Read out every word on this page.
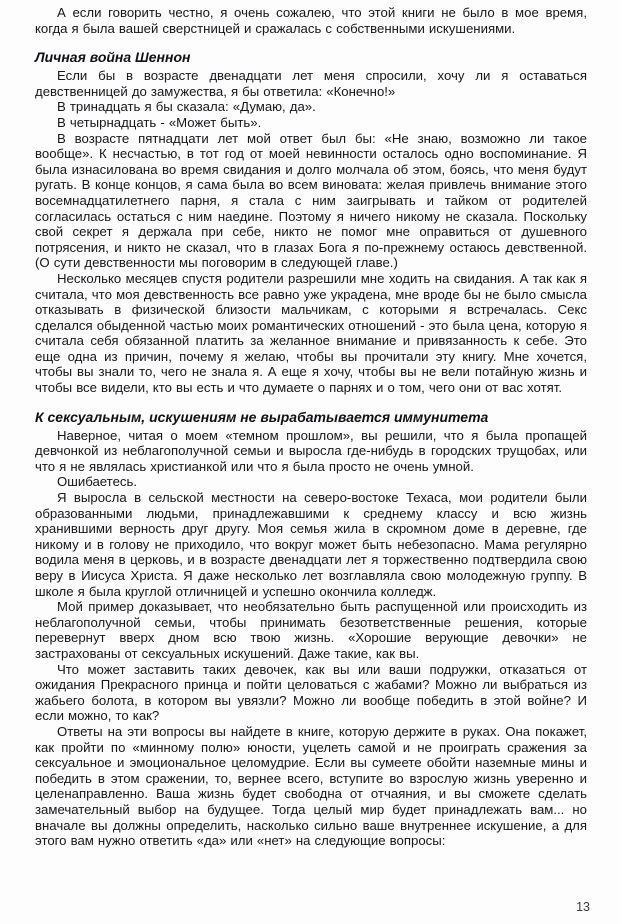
А если говорить честно, я очень сожалею, что этой книги не было в мое время, когда я была вашей сверстницей и сражалась с собственными искушениями.

Личная война Шеннон

Если бы в возрасте двенадцати лет меня спросили, хочу ли я оставаться девственницей до замужества, я бы ответила: «Конечно!»

В тринадцать я бы сказала: «Думаю, да».

В четырнадцать - «Может быть».

В возрасте пятнадцати лет мой ответ был бы: «Не знаю, возможно ли такое вообще». К несчастью, в тот год от моей невинности осталось одно воспоминание. Я была изнасилована во время свидания и долго молчала об этом, боясь, что меня будут ругать. В конце концов, я сама была во всем виновата: желая привлечь внимание этого восемнадцатилетнего парня, я стала с ним заигрывать и тайком от родителей согласилась остаться с ним наедине. Поэтому я ничего никому не сказала. Поскольку свой секрет я держала при себе, никто не помог мне оправиться от душевного потрясения, и никто не сказал, что в глазах Бога я по-прежнему остаюсь девственной. (О сути девственности мы поговорим в следующей главе.)

Несколько месяцев спустя родители разрешили мне ходить на свидания. А так как я считала, что моя девственность все равно уже украдена, мне вроде бы не было смысла отказывать в физической близости мальчикам, с которыми я встречалась. Секс сделался обыденной частью моих романтических отношений - это была цена, которую я считала себя обязанной платить за желанное внимание и привязанность к себе. Это еще одна из причин, почему я желаю, чтобы вы прочитали эту книгу. Мне хочется, чтобы вы знали то, чего не знала я. А еще я хочу, чтобы вы не вели потайную жизнь и чтобы все видели, кто вы есть и что думаете о парнях и о том, чего они от вас хотят.

К сексуальным, искушениям не вырабатывается иммунитета

Наверное, читая о моем «темном прошлом», вы решили, что я была пропащей девчонкой из неблагополучной семьи и выросла где-нибудь в городских трущобах, или что я не являлась христианкой или что я была просто не очень умной.

Ошибаетесь.

Я выросла в сельской местности на северо-востоке Техаса, мои родители были образованными людьми, принадлежавшими к среднему классу и всю жизнь хранившими верность друг другу. Моя семья жила в скромном доме в деревне, где никому и в голову не приходило, что вокруг может быть небезопасно. Мама регулярно водила меня в церковь, и в возрасте двенадцати лет я торжественно подтвердила свою веру в Иисуса Христа. Я даже несколько лет возглавляла свою молодежную группу. В школе я была круглой отличницей и успешно окончила колледж.

Мой пример доказывает, что необязательно быть распущенной или происходить из неблагополучной семьи, чтобы принимать безответственные решения, которые перевернут вверх дном всю твою жизнь. «Хорошие верующие девочки» не застрахованы от сексуальных искушений. Даже такие, как вы.

Что может заставить таких девочек, как вы или ваши подружки, отказаться от ожидания Прекрасного принца и пойти целоваться с жабами? Можно ли выбраться из жабьего болота, в котором вы увязли? Можно ли вообще победить в этой войне? И если можно, то как?

Ответы на эти вопросы вы найдете в книге, которую держите в руках. Она покажет, как пройти по «минному полю» юности, уцелеть самой и не проиграть сражения за сексуальное и эмоциональное целомудрие. Если вы сумеете обойти наземные мины и победить в этом сражении, то, вернее всего, вступите во взрослую жизнь уверенно и целенаправленно. Ваша жизнь будет свободна от отчаяния, и вы сможете сделать замечательный выбор на будущее. Тогда целый мир будет принадлежать вам... но вначале вы должны определить, насколько сильно ваше внутреннее искушение, а для этого вам нужно ответить «да» или «нет» на следующие вопросы:

13
